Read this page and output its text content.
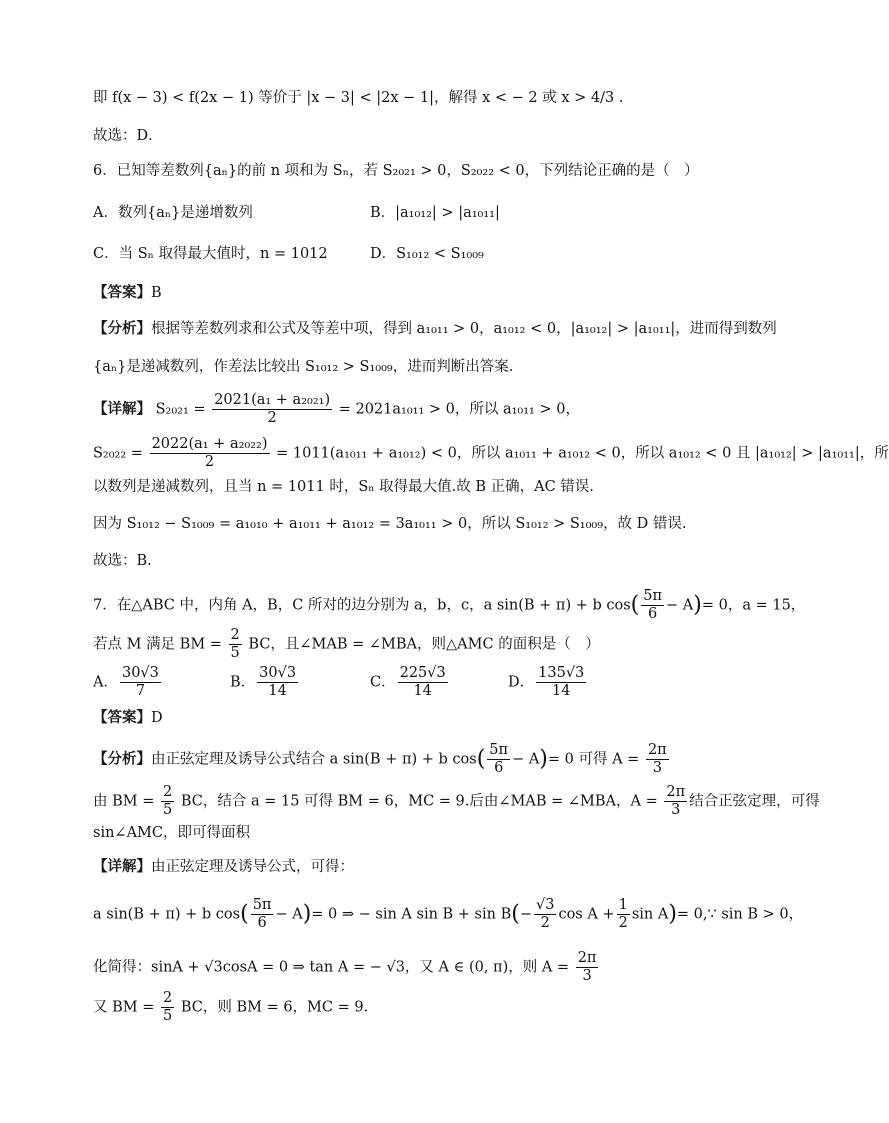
即 f(x − 3) < f(2x − 1) 等价于 |x − 3| < |2x − 1|，解得 x < − 2 或 x > 4/3 .
故选：D．
6．已知等差数列{aₙ}的前 n 项和为 Sₙ，若 S₂₀₂₁ > 0，S₂₀₂₂ < 0，下列结论正确的是（　）
A．数列{aₙ}是递增数列	B．|a₁₀₁₂| > |a₁₀₁₁|
C．当 Sₙ 取得最大值时，n = 1012	D．S₁₀₁₂ < S₁₀₀₉
【答案】B
【分析】根据等差数列求和公式及等差中项，得到 a₁₀₁₁ > 0，a₁₀₁₂ < 0，|a₁₀₁₂| > |a₁₀₁₁|，进而得到数列
{aₙ}是递减数列，作差法比较出 S₁₀₁₂ > S₁₀₀₉，进而判断出答案.
【详解】 $S_{2021} = \frac{\text{2021(a₁ + a₂₀₂₁)}}{2} = 2021a_{1011} > 0$，所以 a₁₀₁₁ > 0，
$S_{2022} = \frac{\text{2022(a₁ + a₂₀₂₂)}}{2} = 1011(a_{1011} + a_{1012}) < 0$，所以 a₁₀₁₁ + a₁₀₁₂ < 0，所以 a₁₀₁₂ < 0 且 |a₁₀₁₂| > |a₁₀₁₁|，所
以数列是递减数列，且当 n = 1011 时，Sₙ 取得最大值.故 B 正确，AC 错误.
因为 S₁₀₁₂ − S₁₀₀₉ = a₁₀₁₀ + a₁₀₁₁ + a₁₀₁₂ = 3a₁₀₁₁ > 0，所以 S₁₀₁₂ > S₁₀₀₉，故 D 错误.
故选：B.
7．在△ABC 中，内角 A，B，C 所对的边分别为 a，b，c，a sin(B + π) + b $\cos( \frac{5\pi}{6} - A)= 0$，a = 15，
若点 M 满足 BM = $\frac{2}{5}$ BC，且∠MAB = ∠MBA，则△AMC 的面积是（　）
A． $\frac{30√3}{7}$	B． $\frac{30√3}{14}$	C． $\frac{225√3}{14}$	D． $\frac{135√3}{14}$
【答案】D
【分析】由正弦定理及诱导公式结合 a sin(B + π) + b $\cos( \frac{5\pi}{6} - A)= 0$ 可得 $A = \frac{2\pi}{3}$
由 BM = $\frac{2}{5}$ BC，结合 a = 15 可得 BM = 6，MC = 9.后由∠MAB = ∠MBA，$A = \frac{2\pi}{3}$ 结合正弦定理，可得
sin∠AMC，即可得面积
【详解】由正弦定理及诱导公式，可得：
a sin(B + π) + b $\cos( \frac{5\pi}{6} - A)= 0$ ⇒ − sin A $\sin B + \sin B(- \frac{√3}{2}$ $\cos A + \frac{1}{2}$ sin A)= 0,∵ sin B > 0，
化简得：sinA + √3cosA = 0 ⇒ tan A = − √3，又 A ∈ (0, π)，则 $A = \frac{2\pi}{3}$
又 BM = $\frac{2}{5}$ BC，则 BM = 6，MC = 9.
